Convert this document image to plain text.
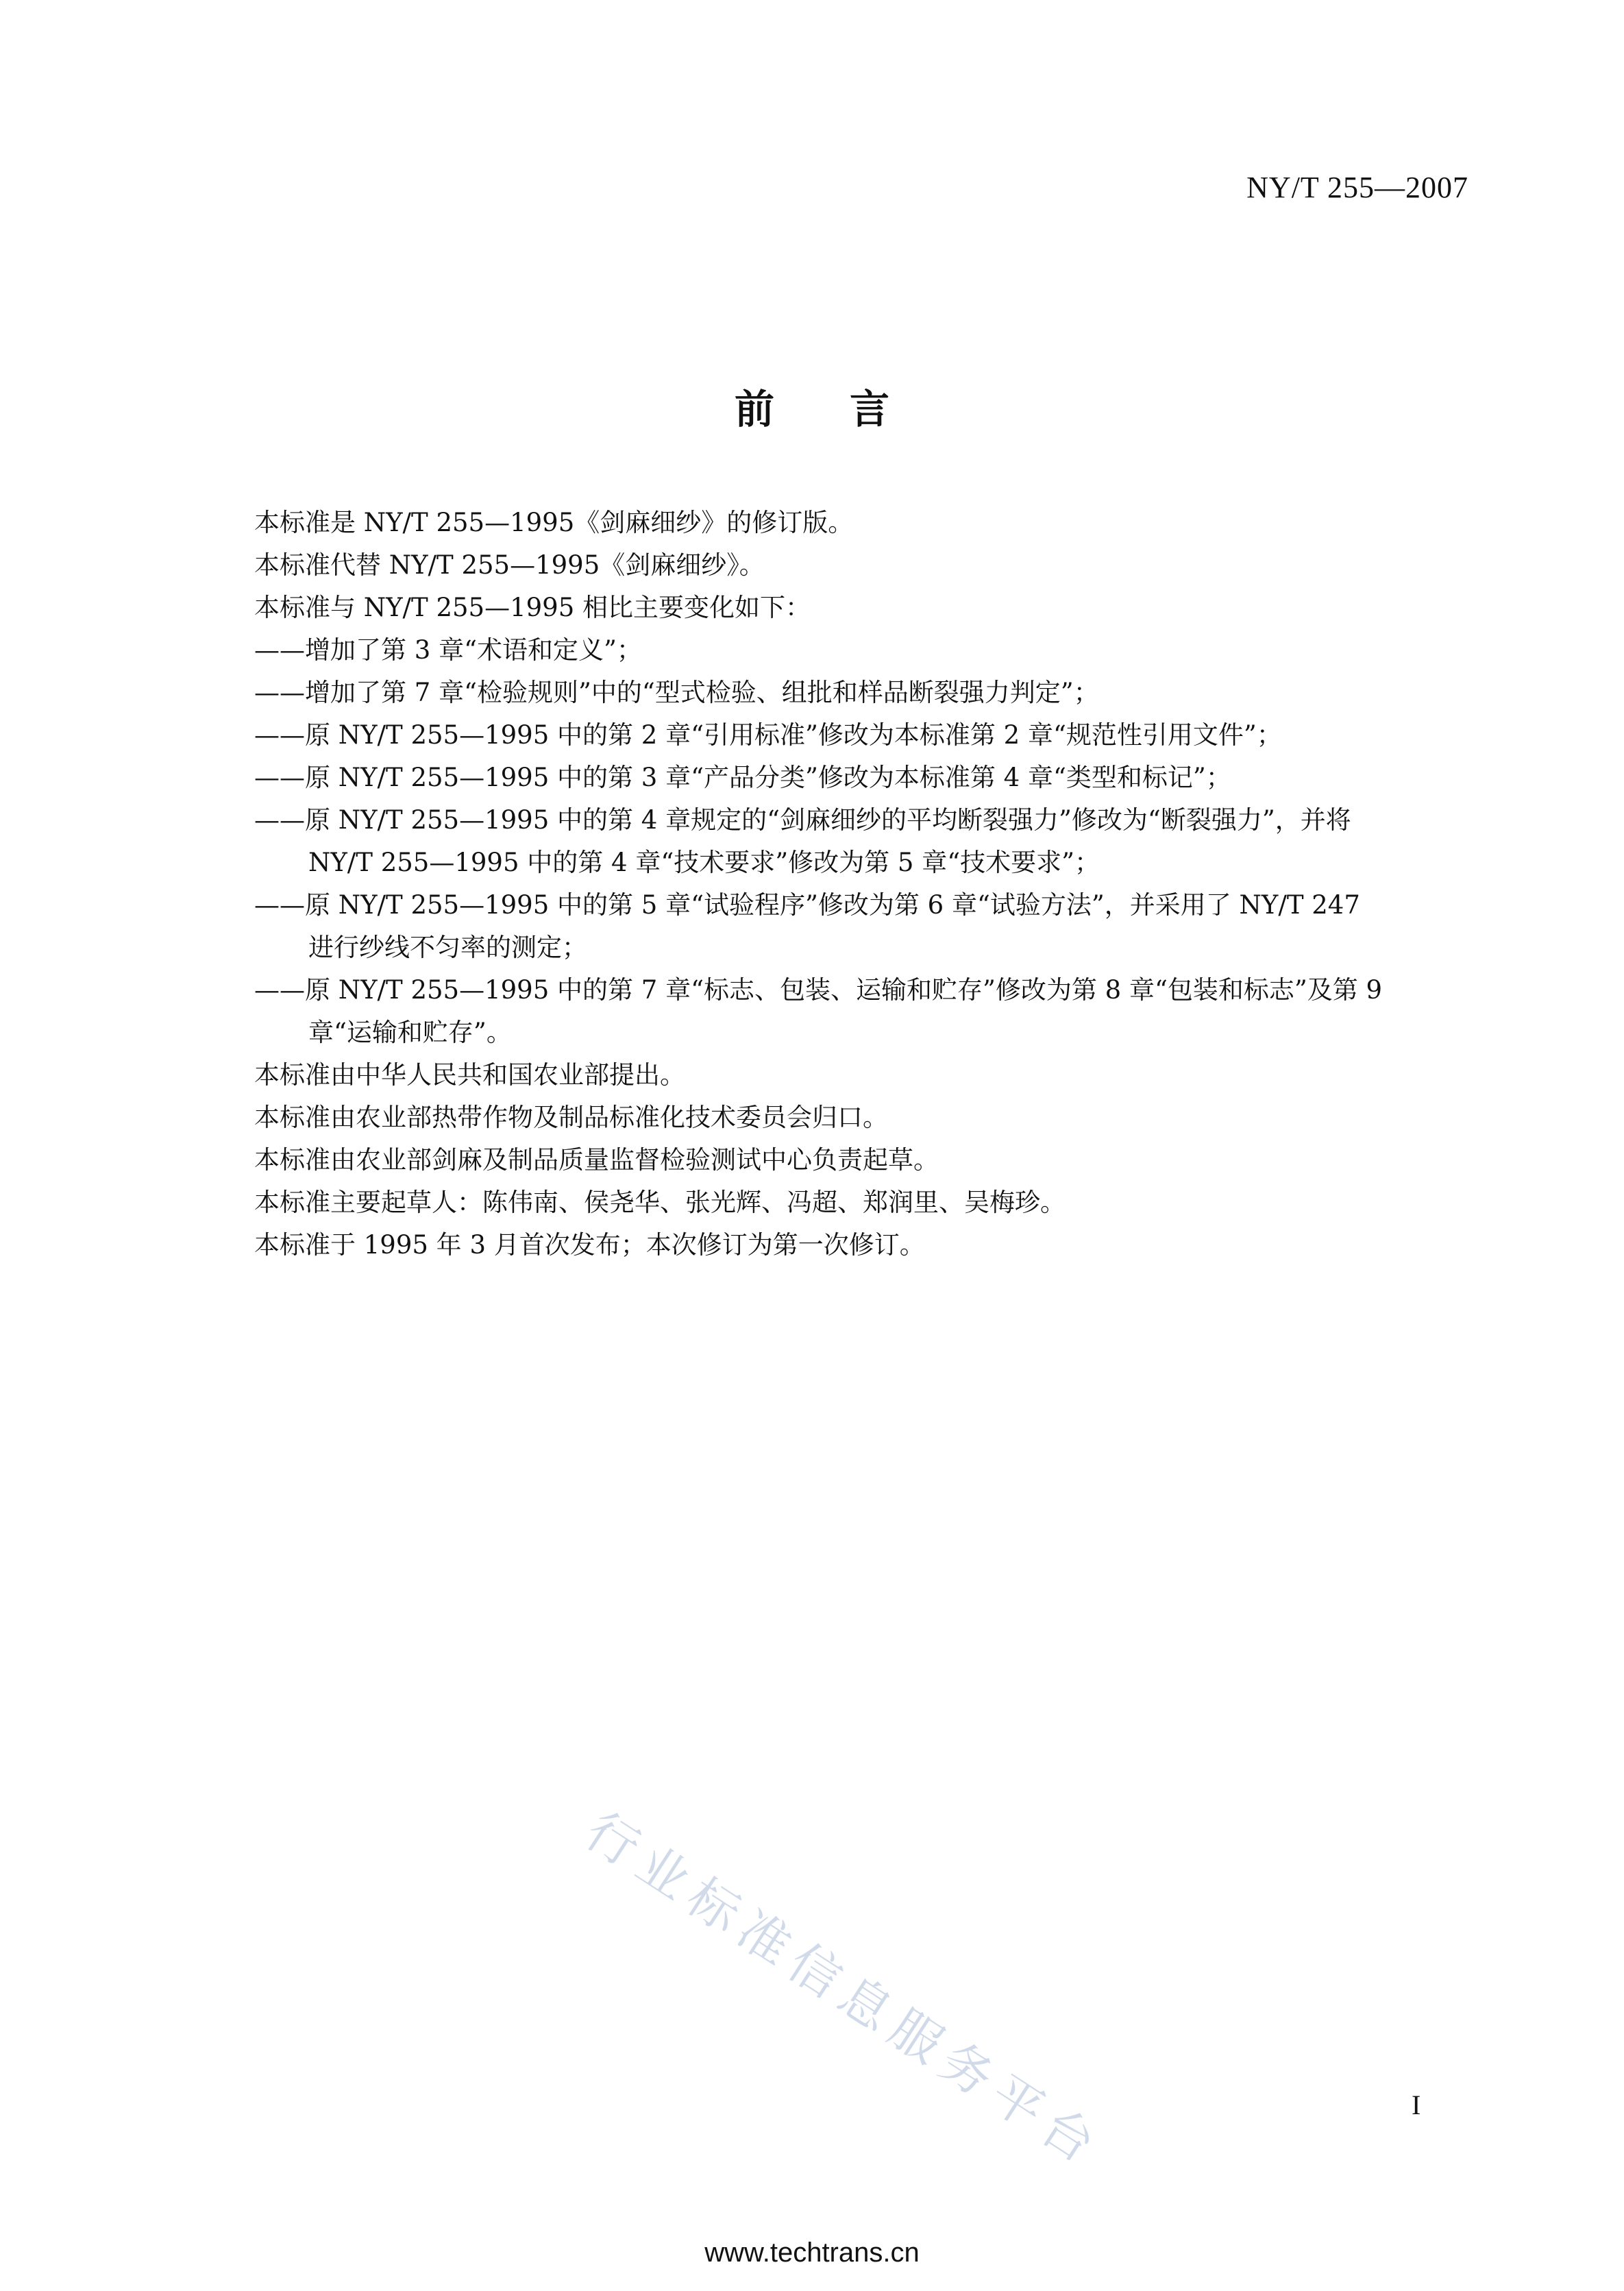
NY/T 255—2007
前 言
本标准是 NY/T 255—1995《剑麻细纱》的修订版。
本标准代替 NY/T 255—1995《剑麻细纱》。
本标准与 NY/T 255—1995 相比主要变化如下：
——增加了第 3 章“术语和定义”；
——增加了第 7 章“检验规则”中的“型式检验、组批和样品断裂强力判定”；
——原 NY/T 255—1995 中的第 2 章“引用标准”修改为本标准第 2 章“规范性引用文件”；
——原 NY/T 255—1995 中的第 3 章“产品分类”修改为本标准第 4 章“类型和标记”；
——原 NY/T 255—1995 中的第 4 章规定的“剑麻细纱的平均断裂强力”修改为“断裂强力”，并将
NY/T 255—1995 中的第 4 章“技术要求”修改为第 5 章“技术要求”；
——原 NY/T 255—1995 中的第 5 章“试验程序”修改为第 6 章“试验方法”，并采用了 NY/T 247
进行纱线不匀率的测定；
——原 NY/T 255—1995 中的第 7 章“标志、包装、运输和贮存”修改为第 8 章“包装和标志”及第 9
章“运输和贮存”。
本标准由中华人民共和国农业部提出。
本标准由农业部热带作物及制品标准化技术委员会归口。
本标准由农业部剑麻及制品质量监督检验测试中心负责起草。
本标准主要起草人：陈伟南、侯尧华、张光辉、冯超、郑润里、吴梅珍。
本标准于 1995 年 3 月首次发布；本次修订为第一次修订。
行业标准信息服务平台	I
www.techtrans.cn
